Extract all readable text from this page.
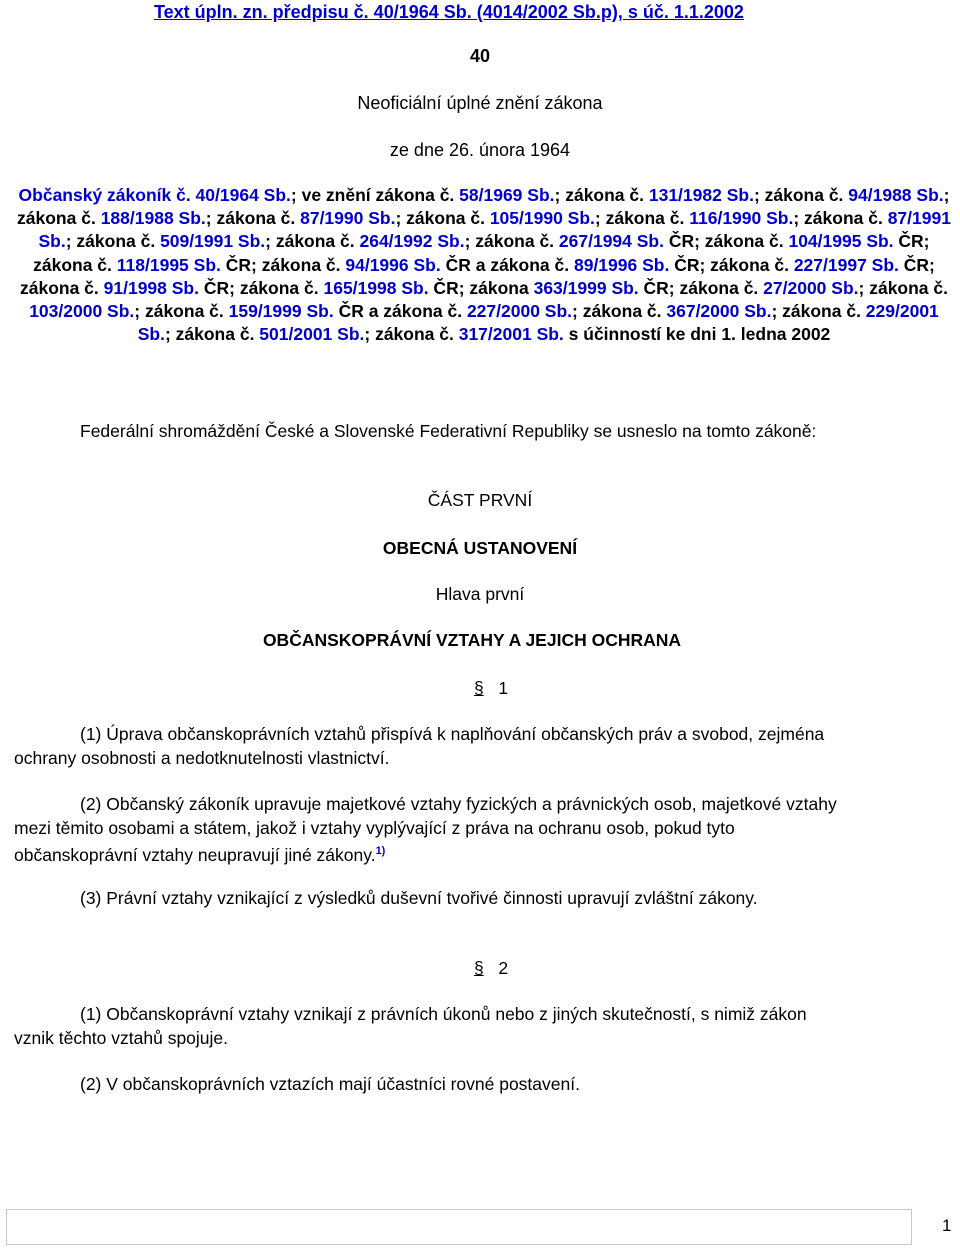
Text úpln. zn. předpisu č. 40/1964 Sb. (4014/2002 Sb.p), s úč. 1.1.2002
40
Neoficiální úplné znění zákona
ze dne 26. února 1964
Občanský zákoník č. 40/1964 Sb.; ve znění zákona č. 58/1969 Sb.; zákona č. 131/1982 Sb.; zákona č. 94/1988 Sb.; zákona č. 188/1988 Sb.; zákona č. 87/1990 Sb.; zákona č. 105/1990 Sb.; zákona č. 116/1990 Sb.; zákona č. 87/1991 Sb.; zákona č. 509/1991 Sb.; zákona č. 264/1992 Sb.; zákona č. 267/1994 Sb. ČR; zákona č. 104/1995 Sb. ČR; zákona č. 118/1995 Sb. ČR; zákona č. 94/1996 Sb. ČR a zákona č. 89/1996 Sb. ČR; zákona č. 227/1997 Sb. ČR; zákona č. 91/1998 Sb. ČR; zákona č. 165/1998 Sb. ČR; zákona 363/1999 Sb. ČR; zákona č. 27/2000 Sb.; zákona č. 103/2000 Sb.; zákona č. 159/1999 Sb. ČR a zákona č. 227/2000 Sb.; zákona č. 367/2000 Sb.; zákona č. 229/2001 Sb.; zákona č. 501/2001 Sb.; zákona č. 317/2001 Sb. s účinností ke dni 1. ledna 2002
Federální shromáždění České a Slovenské Federativní Republiky se usneslo na tomto zákoně:
ČÁST PRVNÍ
OBECNÁ USTANOVENÍ
Hlava první
OBČANSKOPRÁVNÍ VZTAHY A JEJICH OCHRANA
§ 1
(1) Úprava občanskoprávních vztahů přispívá k naplňování občanských práv a svobod, zejména
ochrany osobnosti a nedotknutelnosti vlastnictví.
(2) Občanský zákoník upravuje majetkové vztahy fyzických a právnických osob, majetkové vztahy
mezi těmito osobami a státem, jakož i vztahy vyplývající z práva na ochranu osob, pokud tyto
občanskoprávní vztahy neupravují jiné zákony.$^{1)}$
(3) Právní vztahy vznikající z výsledků duševní tvořivé činnosti upravují zvláštní zákony.
§ 2
(1) Občanskoprávní vztahy vznikají z právních úkonů nebo z jiných skutečností, s nimiž zákon
vznik těchto vztahů spojuje.
(2) V občanskoprávních vztazích mají účastníci rovné postavení.
1
